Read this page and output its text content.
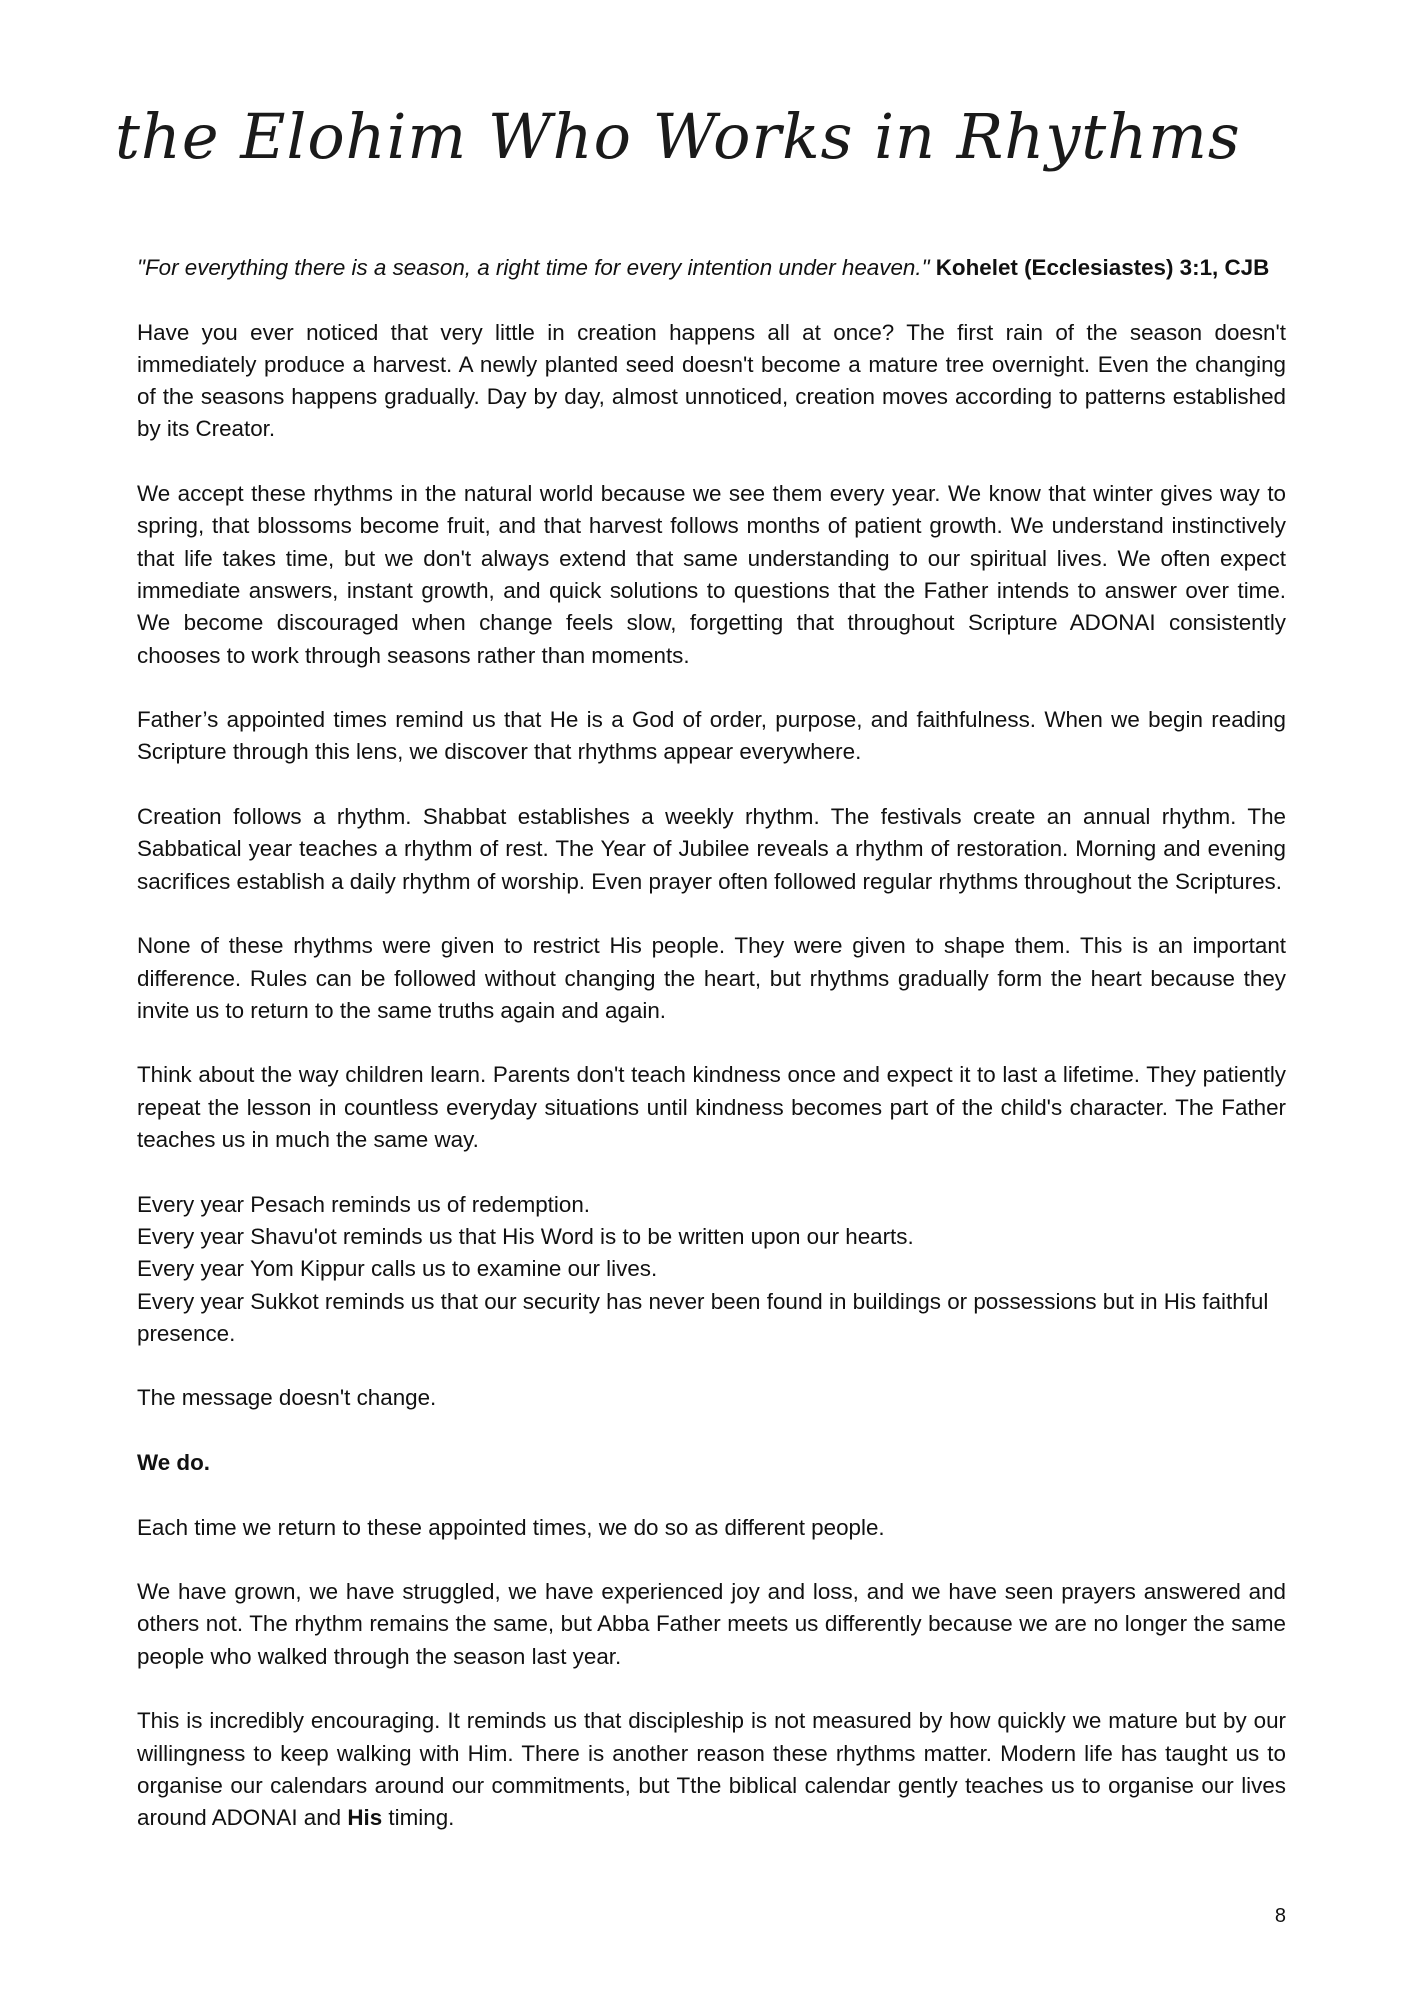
the Elohim Who Works in Rhythms

"For everything there is a season, a right time for every intention under heaven." Kohelet (Ecclesiastes) 3:1, CJB

Have you ever noticed that very little in creation happens all at once? The first rain of the season doesn't immediately produce a harvest. A newly planted seed doesn't become a mature tree overnight. Even the changing of the seasons happens gradually. Day by day, almost unnoticed, creation moves according to patterns established by its Creator.

We accept these rhythms in the natural world because we see them every year. We know that winter gives way to spring, that blossoms become fruit, and that harvest follows months of patient growth. We understand instinctively that life takes time, but we don't always extend that same understanding to our spiritual lives. We often expect immediate answers, instant growth, and quick solutions to questions that the Father intends to answer over time. We become discouraged when change feels slow, forgetting that throughout Scripture ADONAI consistently chooses to work through seasons rather than moments.

Father’s appointed times remind us that He is a God of order, purpose, and faithfulness. When we begin reading Scripture through this lens, we discover that rhythms appear everywhere.

Creation follows a rhythm. Shabbat establishes a weekly rhythm. The festivals create an annual rhythm. The Sabbatical year teaches a rhythm of rest. The Year of Jubilee reveals a rhythm of restoration. Morning and evening sacrifices establish a daily rhythm of worship. Even prayer often followed regular rhythms throughout the Scriptures.

None of these rhythms were given to restrict His people. They were given to shape them. This is an important difference. Rules can be followed without changing the heart, but rhythms gradually form the heart because they invite us to return to the same truths again and again.

Think about the way children learn. Parents don't teach kindness once and expect it to last a lifetime. They patiently repeat the lesson in countless everyday situations until kindness becomes part of the child's character. The Father teaches us in much the same way.

Every year Pesach reminds us of redemption.
Every year Shavu'ot reminds us that His Word is to be written upon our hearts.
Every year Yom Kippur calls us to examine our lives.
Every year Sukkot reminds us that our security has never been found in buildings or possessions but in His faithful presence.

The message doesn't change.

We do.

Each time we return to these appointed times, we do so as different people.

We have grown, we have struggled, we have experienced joy and loss, and we have seen prayers answered and others not. The rhythm remains the same, but Abba Father meets us differently because we are no longer the same people who walked through the season last year.

This is incredibly encouraging. It reminds us that discipleship is not measured by how quickly we mature but by our willingness to keep walking with Him. There is another reason these rhythms matter. Modern life has taught us to organise our calendars around our commitments, but Tthe biblical calendar gently teaches us to organise our lives around ADONAI and His timing.

8
